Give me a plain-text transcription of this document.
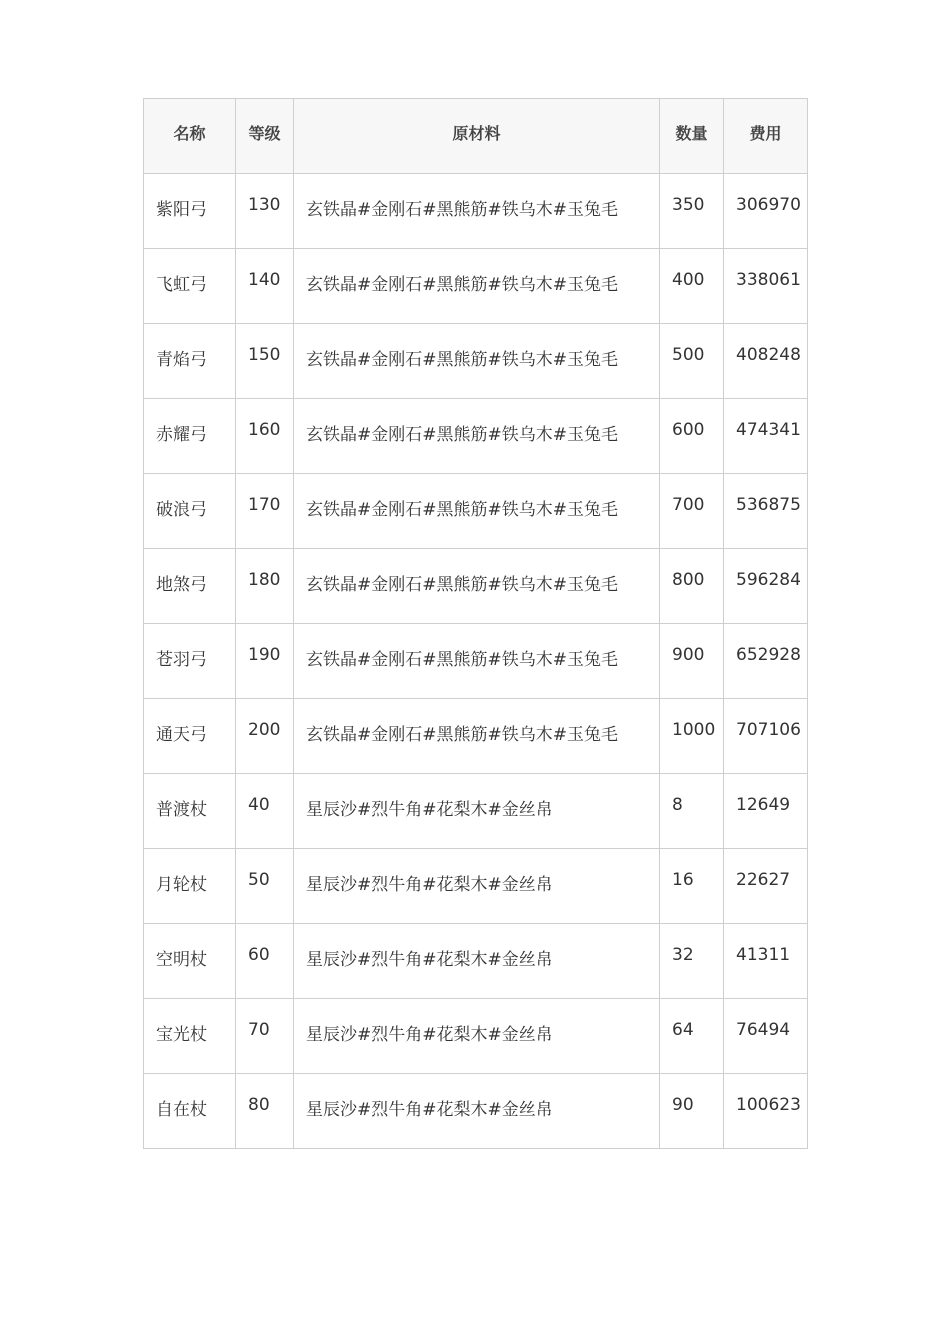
名称	等级	原材料	数量	费用
紫阳弓	130	玄铁晶#金刚石#黑熊筋#铁乌木#玉兔毛	350	306970
飞虹弓	140	玄铁晶#金刚石#黑熊筋#铁乌木#玉兔毛	400	338061
青焰弓	150	玄铁晶#金刚石#黑熊筋#铁乌木#玉兔毛	500	408248
赤耀弓	160	玄铁晶#金刚石#黑熊筋#铁乌木#玉兔毛	600	474341
破浪弓	170	玄铁晶#金刚石#黑熊筋#铁乌木#玉兔毛	700	536875
地煞弓	180	玄铁晶#金刚石#黑熊筋#铁乌木#玉兔毛	800	596284
苍羽弓	190	玄铁晶#金刚石#黑熊筋#铁乌木#玉兔毛	900	652928
通天弓	200	玄铁晶#金刚石#黑熊筋#铁乌木#玉兔毛	1000	707106
普渡杖	40	星辰沙#烈牛角#花梨木#金丝帛	8	12649
月轮杖	50	星辰沙#烈牛角#花梨木#金丝帛	16	22627
空明杖	60	星辰沙#烈牛角#花梨木#金丝帛	32	41311
宝光杖	70	星辰沙#烈牛角#花梨木#金丝帛	64	76494
自在杖	80	星辰沙#烈牛角#花梨木#金丝帛	90	100623
